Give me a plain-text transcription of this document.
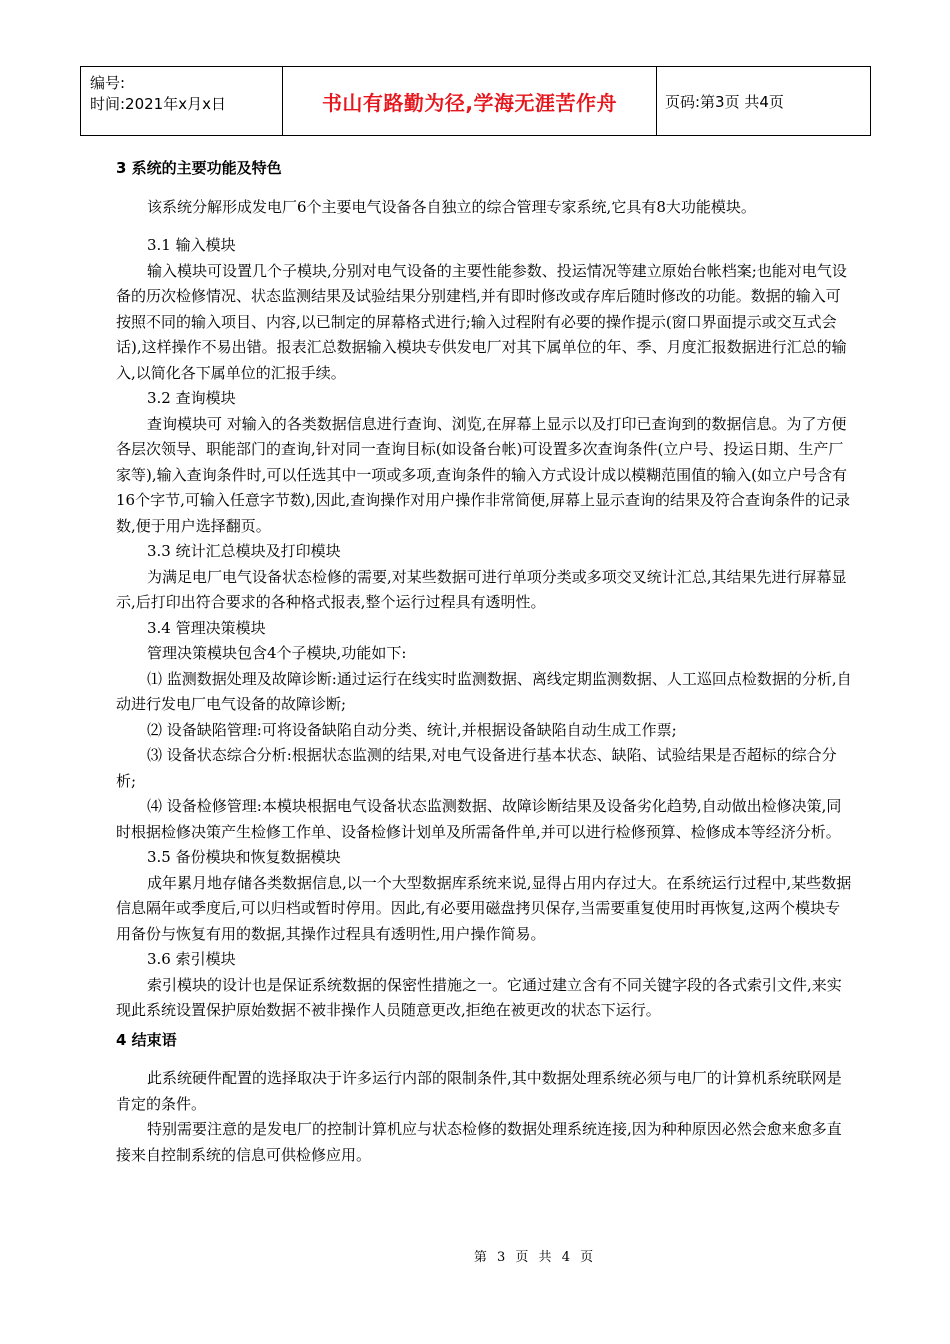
编号:
时间:2021年x月x日	书山有路勤为径,学海无涯苦作舟	页码:第3页 共4页

3 系统的主要功能及特色

该系统分解形成发电厂6个主要电气设备各自独立的综合管理专家系统,它具有8大功能模块。

3.1 输入模块

输入模块可设置几个子模块,分别对电气设备的主要性能参数、投运情况等建立原始台帐档案;也能对电气设备的历次检修情况、状态监测结果及试验结果分别建档,并有即时修改或存库后随时修改的功能。数据的输入可按照不同的输入项目、内容,以已制定的屏幕格式进行;输入过程附有必要的操作提示(窗口界面提示或交互式会话),这样操作不易出错。报表汇总数据输入模块专供发电厂对其下属单位的年、季、月度汇报数据进行汇总的输入,以简化各下属单位的汇报手续。

3.2 查询模块

查询模块可 对输入的各类数据信息进行查询、浏览,在屏幕上显示以及打印已查询到的数据信息。为了方便各层次领导、职能部门的查询,针对同一查询目标(如设备台帐)可设置多次查询条件(立户号、投运日期、生产厂家等),输入查询条件时,可以任选其中一项或多项,查询条件的输入方式设计成以模糊范围值的输入(如立户号含有16个字节,可输入任意字节数),因此,查询操作对用户操作非常简便,屏幕上显示查询的结果及符合查询条件的记录数,便于用户选择翻页。

3.3 统计汇总模块及打印模块

为满足电厂电气设备状态检修的需要,对某些数据可进行单项分类或多项交叉统计汇总,其结果先进行屏幕显示,后打印出符合要求的各种格式报表,整个运行过程具有透明性。

3.4 管理决策模块

管理决策模块包含4个子模块,功能如下:

⑴ 监测数据处理及故障诊断:通过运行在线实时监测数据、离线定期监测数据、人工巡回点检数据的分析,自动进行发电厂电气设备的故障诊断;

⑵ 设备缺陷管理:可将设备缺陷自动分类、统计,并根据设备缺陷自动生成工作票;

⑶ 设备状态综合分析:根据状态监测的结果,对电气设备进行基本状态、缺陷、试验结果是否超标的综合分析;

⑷ 设备检修管理:本模块根据电气设备状态监测数据、故障诊断结果及设备劣化趋势,自动做出检修决策,同时根据检修决策产生检修工作单、设备检修计划单及所需备件单,并可以进行检修预算、检修成本等经济分析。

3.5 备份模块和恢复数据模块

成年累月地存储各类数据信息,以一个大型数据库系统来说,显得占用内存过大。在系统运行过程中,某些数据信息隔年或季度后,可以归档或暂时停用。因此,有必要用磁盘拷贝保存,当需要重复使用时再恢复,这两个模块专用备份与恢复有用的数据,其操作过程具有透明性,用户操作简易。

3.6 索引模块

索引模块的设计也是保证系统数据的保密性措施之一。它通过建立含有不同关键字段的各式索引文件,来实现此系统设置保护原始数据不被非操作人员随意更改,拒绝在被更改的状态下运行。

4 结束语

此系统硬件配置的选择取决于许多运行内部的限制条件,其中数据处理系统必须与电厂的计算机系统联网是肯定的条件。

特别需要注意的是发电厂的控制计算机应与状态检修的数据处理系统连接,因为种种原因必然会愈来愈多直接来自控制系统的信息可供检修应用。

第 3 页 共 4 页
